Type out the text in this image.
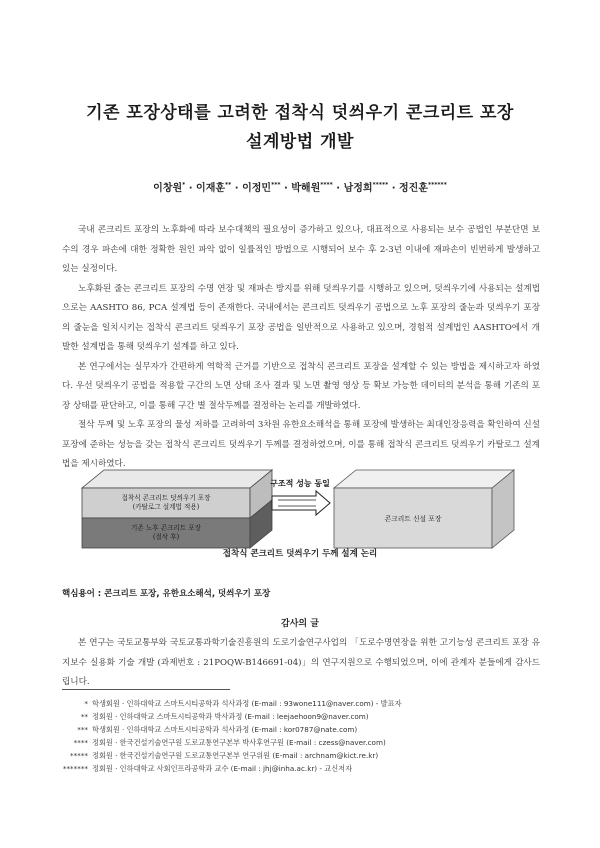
기존 포장상태를 고려한 접착식 덧씌우기 콘크리트 포장
설계방법 개발
이창원* · 이재훈** · 이정민*** · 박해원**** · 남정희***** · 정진훈******

국내 콘크리트 포장의 노후화에 따라 보수대책의 필요성이 증가하고 있으나, 대표적으로 사용되는 보수 공법인 부분단면 보수의 경우 파손에 대한 정확한 원인 파악 없이 일률적인 방법으로 시행되어 보수 후 2-3년 이내에 재파손이 빈번하게 발생하고 있는 실정이다.

노후화된 줄는 콘크리트 포장의 수명 연장 및 재파손 방지를 위해 덧씌우기를 시행하고 있으며, 덧씌우기에 사용되는 설계법으로는 AASHTO 86, PCA 설계법 등이 존재한다. 국내에서는 콘크리트 덧씌우기 공법으로 노후 포장의 줄눈과 덧씌우기 포장의 줄눈을 일치시키는 접착식 콘크리트 덧씌우기 포장 공법을 일반적으로 사용하고 있으며, 경험적 설계법인 AASHTO에서 개발한 설계법을 통해 덧씌우기 설계를 하고 있다.

본 연구에서는 실무자가 간편하게 역학적 근거를 기반으로 접착식 콘크리트 포장을 설계할 수 있는 방법을 제시하고자 하였다. 우선 덧씌우기 공법을 적용할 구간의 노면 상태 조사 결과 및 노면 촬영 영상 등 확보 가능한 데이터의 분석을 통해 기존의 포장 상태를 판단하고, 이를 통해 구간 별 절삭두께를 결정하는 논리를 개발하였다.

절삭 두께 및 노후 포장의 물성 저하를 고려하여 3차원 유한요소해석을 통해 포장에 발생하는 최대인장응력을 확인하여 신설 포장에 준하는 성능을 갖는 접착식 콘크리트 덧씌우기 두께를 결정하였으며, 이를 통해 접착식 콘크리트 덧씌우기 카탈로그 설계법을 제시하였다.

접착식 콘크리트 덧씌우기 포장
(카탈로그 설계법 적용)
기존 노후 콘크리트 포장
(절삭 후)
구조적 성능 동일
콘크리트 신설 포장
접착식 콘크리트 덧씌우기 두께 설계 논리
핵심용어 : 콘크리트 포장, 유한요소해석, 덧씌우기 포장
감사의 글

본 연구는 국토교통부와 국토교통과학기술진흥원의 도로기술연구사업의 「도로수명연장을 위한 고기능성 콘크리트 포장 유지보수 실용화 기술 개발 (과제번호 : 21POQW-B146691-04)」의 연구지원으로 수행되었으며, 이에 관계자 분들에게 감사드립니다.

* 학생회원 · 인하대학교 스마트시티공학과 석사과정 (E-mail : 93wone111@naver.com) - 발표자
** 정회원 · 인하대학교 스마트시티공학과 박사과정 (E-mail : leejaehoon9@naver.com)
*** 학생회원 · 인하대학교 스마트시티공학과 석사과정 (E-mail : kor0787@nate.com)
**** 정회원 · 한국건설기술연구원 도로교통연구본부 박사후연구원 (E-mail : czess@naver.com)
***** 정회원 · 한국건설기술연구원 도로교통연구본부 연구위원 (E-mail : archnam@kict.re.kr)
******* 정회원 · 인하대학교 사회인프라공학과 교수 (E-mail : jhj@inha.ac.kr) - 교신저자
